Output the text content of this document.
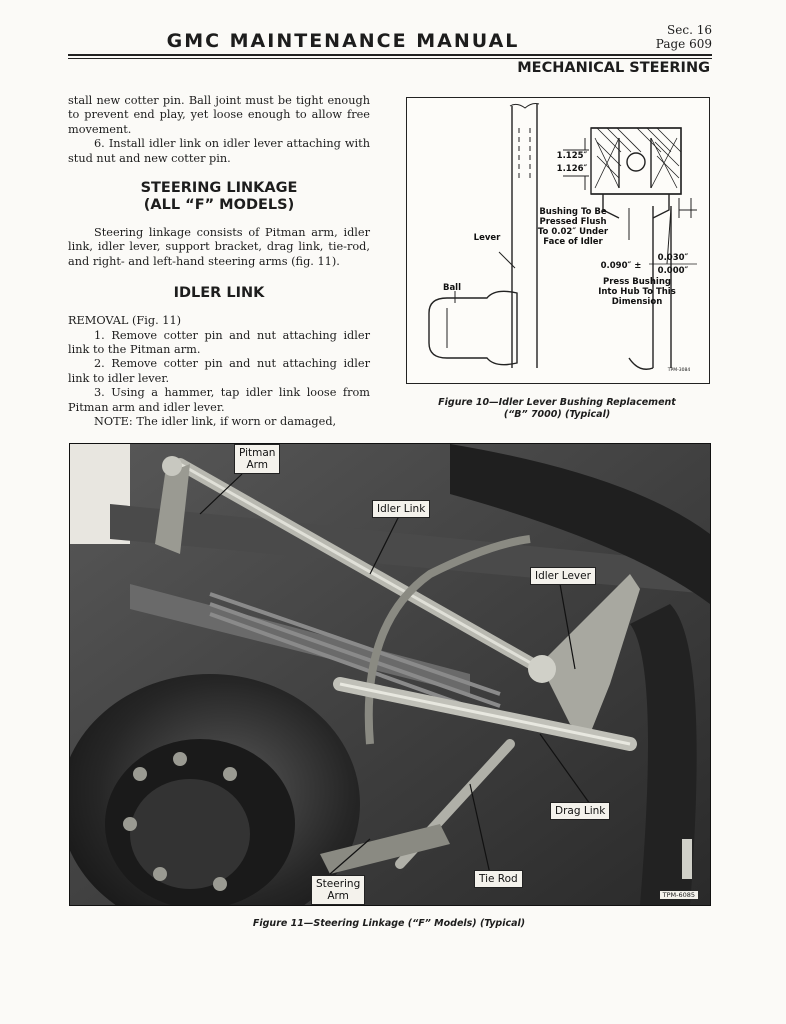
GMC MAINTENANCE MANUAL	Sec. 16
Page 609
MECHANICAL STEERING

stall new cotter pin. Ball joint must be tight enough to prevent end play, yet loose enough to allow free movement.

6. Install idler link on idler lever attaching with stud nut and new cotter pin.

STEERING LINKAGE
(ALL “F” MODELS)

Steering linkage consists of Pitman arm, idler link, idler lever, support bracket, drag link, tie-rod, and right- and left-hand steering arms (fig. 11).

IDLER LINK

REMOVAL (Fig. 11)

1. Remove cotter pin and nut attaching idler link to the Pitman arm.

2. Remove cotter pin and nut attaching idler link to idler lever.

3. Using a hammer, tap idler link loose from Pitman arm and idler lever.

NOTE: The idler link, if worn or damaged,

1.125″
1.126″
Bushing To Be
Pressed Flush
To 0.02″ Under
Face of Idler
Lever
Ball
0.090″ ±
0.030″
0.000″
Press Bushing
Into Hub To This
Dimension
TPM-3084
Figure 10—Idler Lever Bushing Replacement
(“B” 7000) (Typical)
Pitman
Arm
Idler Link
Idler Lever
Drag Link
Tie Rod
Steering
Arm	TPM-6085
Figure 11—Steering Linkage (“F” Models) (Typical)
